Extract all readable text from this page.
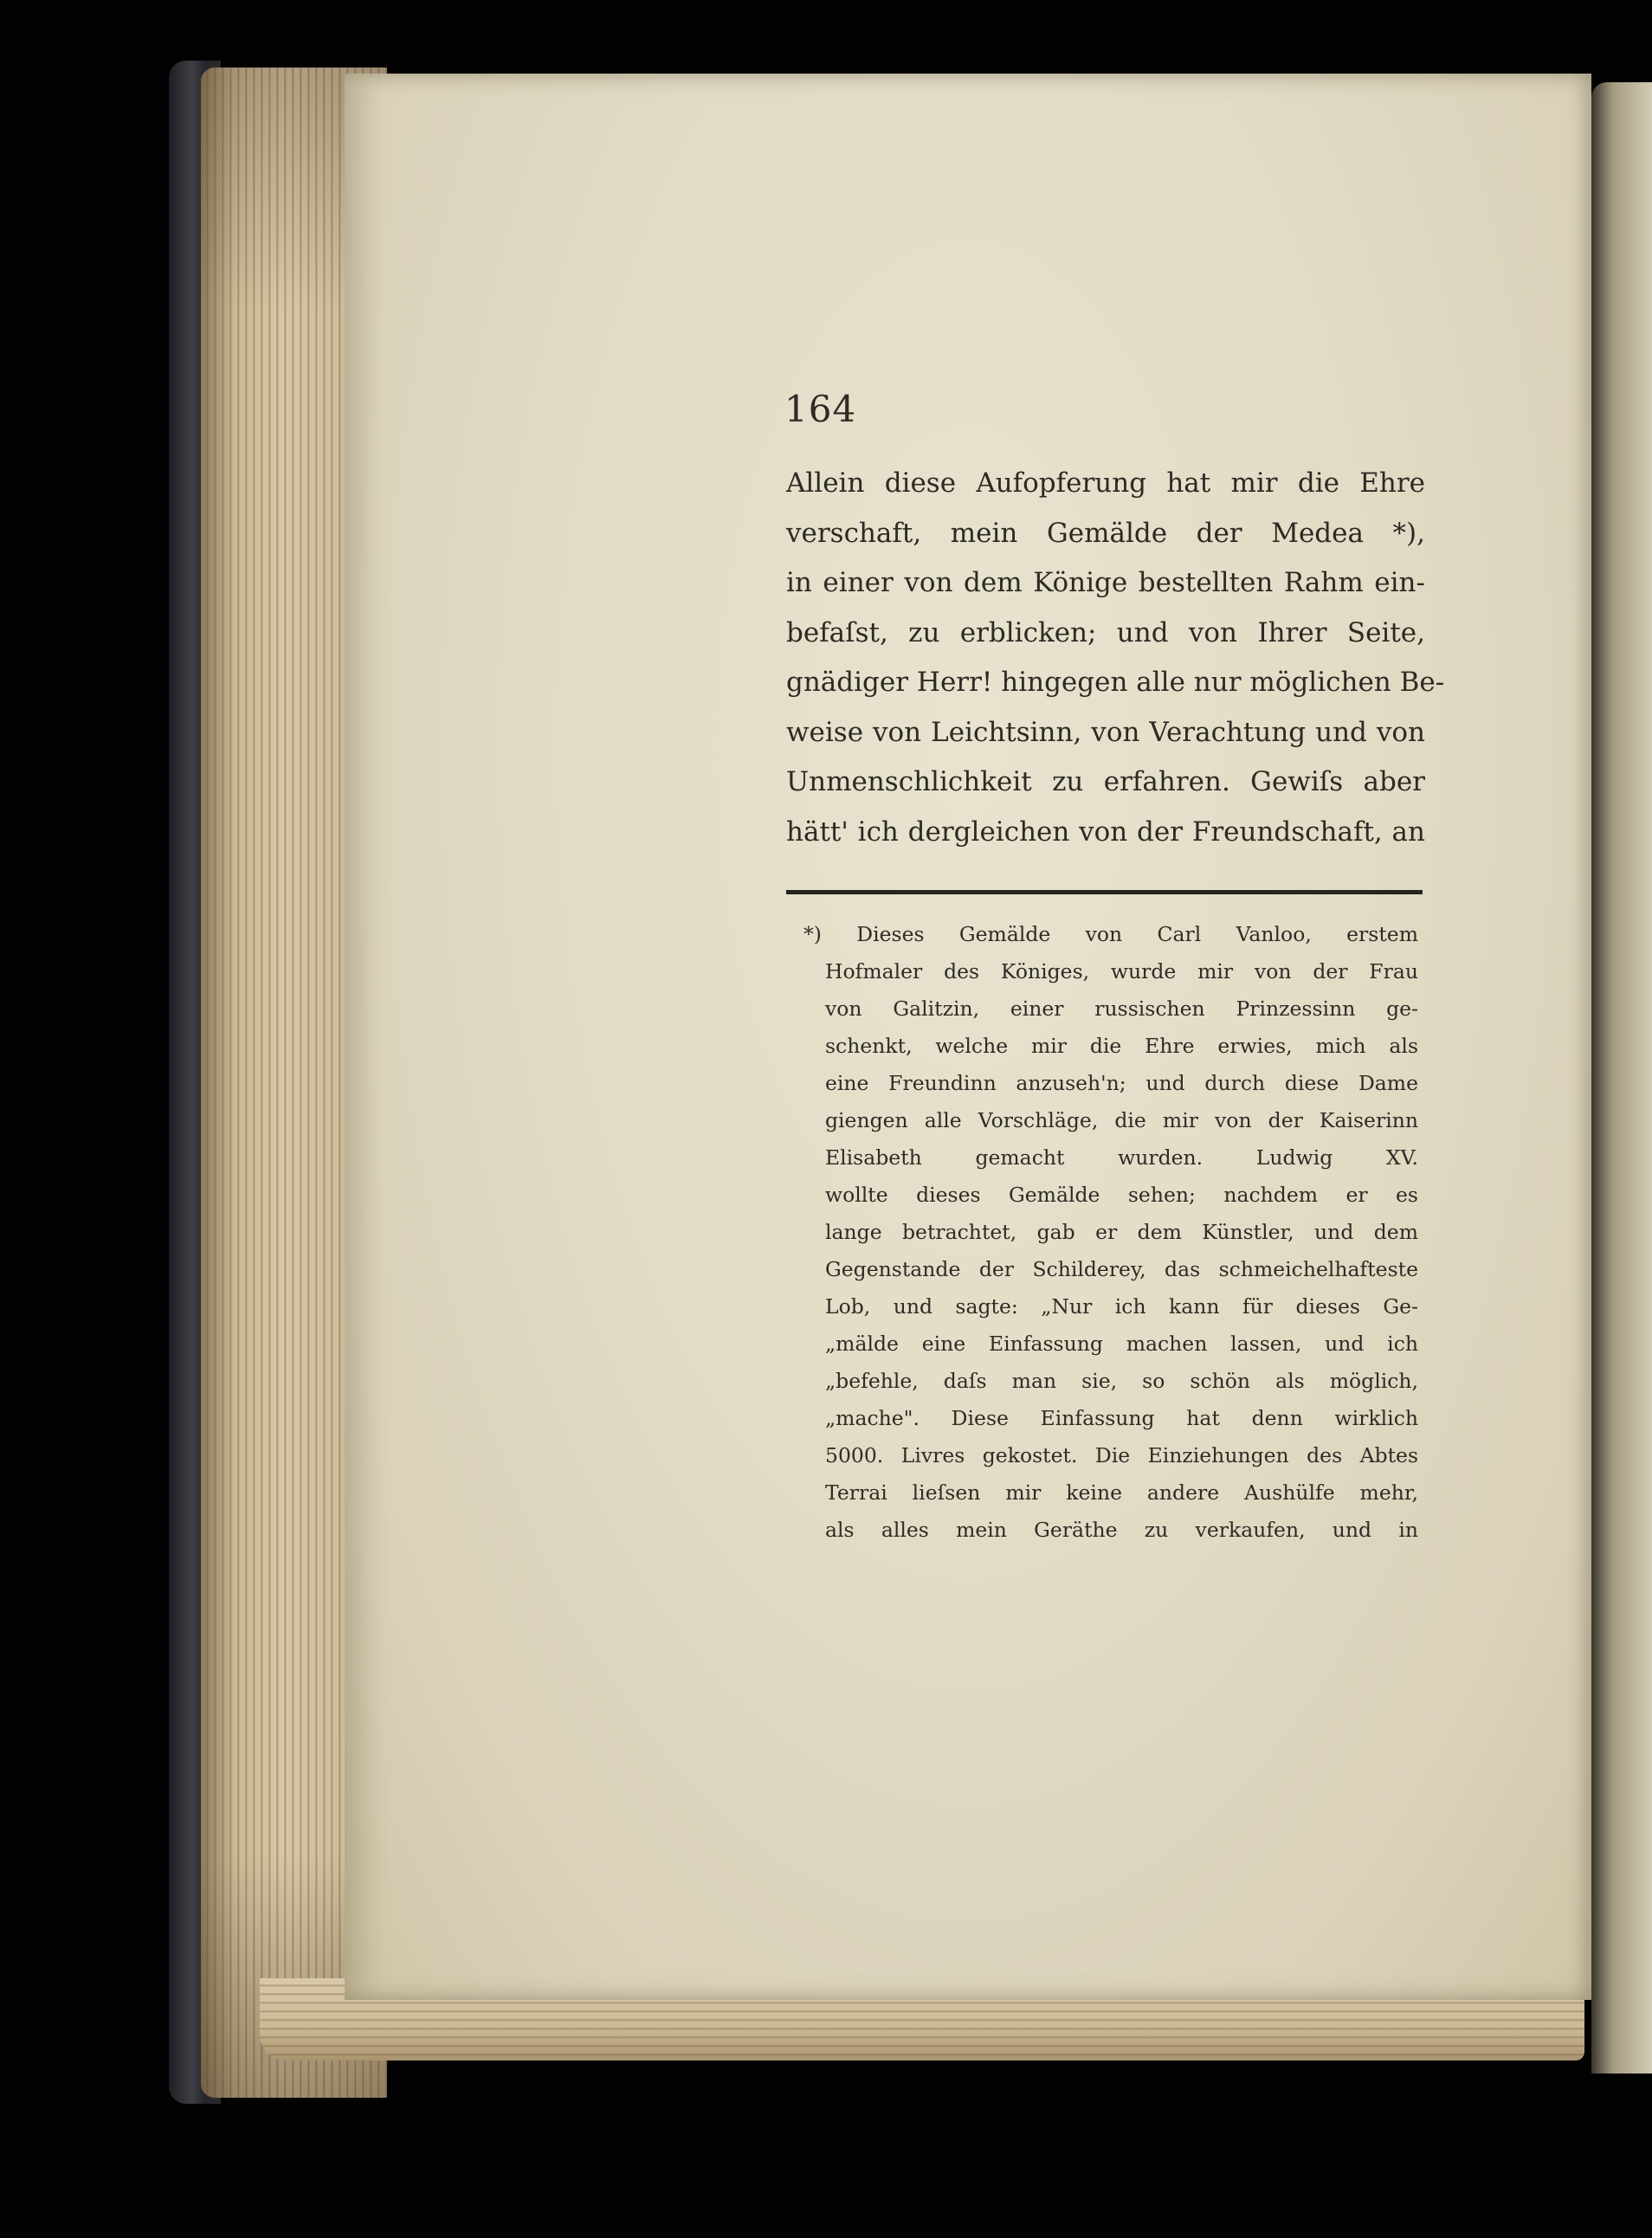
164
Allein diese Aufopferung hat mir die Ehre
verschaft, mein Gemälde der Medea *),
in einer von dem Könige bestellten Rahm ein-
befaſst, zu erblicken; und von Ihrer Seite,
gnädiger Herr! hingegen alle nur möglichen Be-
weise von Leichtsinn, von Verachtung und von
Unmenschlichkeit zu erfahren. Gewiſs aber
hätt' ich dergleichen von der Freundschaft, an
*) Dieses Gemälde von Carl Vanloo, erstem
Hofmaler des Königes, wurde mir von der Frau
von Galitzin, einer russischen Prinzessinn ge-
schenkt, welche mir die Ehre erwies, mich als
eine Freundinn anzuseh'n; und durch diese Dame
giengen alle Vorschläge, die mir von der Kaiserinn
Elisabeth gemacht wurden. Ludwig XV.
wollte dieses Gemälde sehen; nachdem er es
lange betrachtet, gab er dem Künstler, und dem
Gegenstande der Schilderey, das schmeichelhafteste
Lob, und sagte: „Nur ich kann für dieses Ge-
„mälde eine Einfassung machen lassen, und ich
„befehle, daſs man sie, so schön als möglich,
„mache". Diese Einfassung hat denn wirklich
5000. Livres gekostet. Die Einziehungen des Abtes
Terrai lieſsen mir keine andere Aushülfe mehr,
als alles mein Geräthe zu verkaufen, und in
